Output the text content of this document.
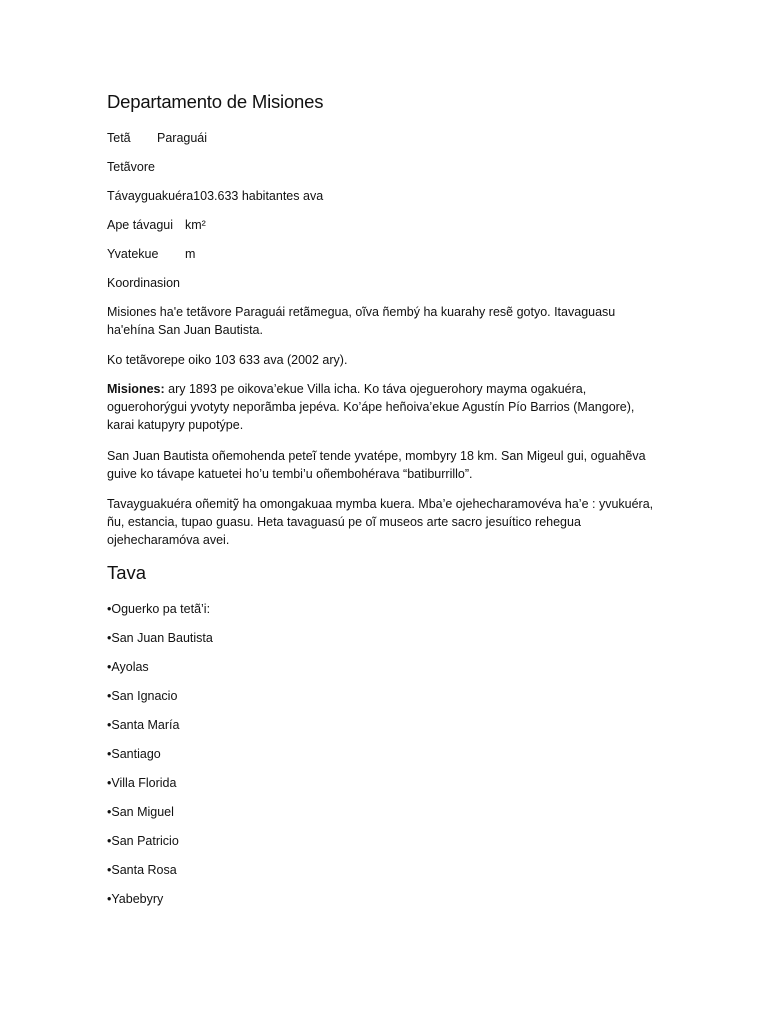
Departamento de Misiones

Tetã Paraguái

Tetãvore

Távayguakuéra103.633 habitantes ava

Ape távagui km²

Yvatekue m

Koordinasion

Misiones ha'e tetãvore Paraguái retãmegua, oĩva ñembý ha kuarahy resẽ gotyo. Itavaguasu ha'ehína San Juan Bautista.

Ko tetãvorepe oiko 103 633 ava (2002 ary).

Misiones: ary 1893 pe oikova’ekue Villa icha. Ko táva ojeguerohory mayma ogakuéra, oguerohorýgui yvotyty neporãmba jepéva. Ko’ápe heñoiva’ekue Agustín Pío Barrios (Mangore), karai katupyry pupotýpe.

San Juan Bautista oñemohenda peteĩ tende yvatépe, mombyry 18 km. San Migeul gui, oguahẽva guive ko távape katuetei ho’u tembi’u oñembohérava “batiburrillo”.

Tavayguakuéra oñemitỹ ha omongakuaa mymba kuera. Mba’e ojehecharamovéva ha’e : yvukuéra, ñu, estancia, tupao guasu. Heta tavaguasú pe oĩ museos arte sacro jesuítico rehegua ojehecharamóva avei.

Tava

•Oguerko pa tetã’i:

•San Juan Bautista

•Ayolas

•San Ignacio

•Santa María

•Santiago

•Villa Florida

•San Miguel

•San Patricio

•Santa Rosa

•Yabebyry
